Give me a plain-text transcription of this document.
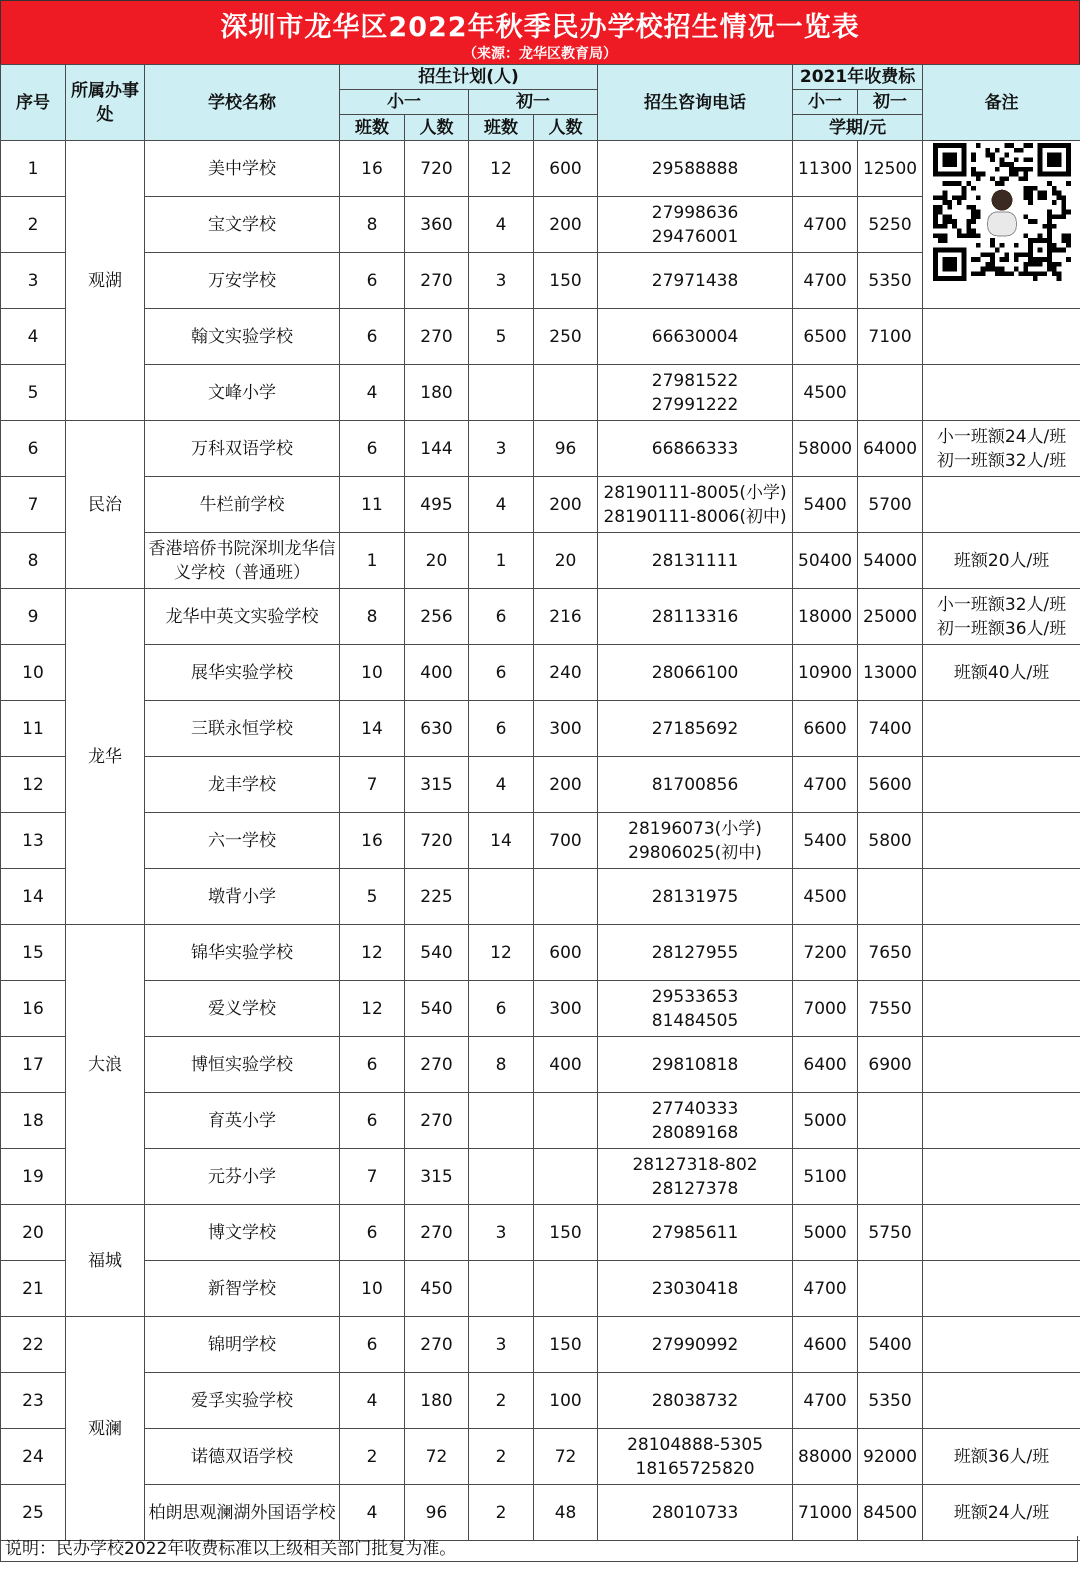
深圳市龙华区2022年秋季民办学校招生情况一览表
（来源：龙华区教育局）
序号	所属办事处	学校名称	招生计划(人)				招生咨询电话	2021年收费标		备注
			小一		初一			小一	初一	
			班数	人数	班数	人数		学期/元		
1	观湖	美中学校	16	720	12	600	29588888	11300	12500	

2		宝文学校	8	360	4	200	27998636
29476001	4700	5250	
3		万安学校	6	270	3	150	27971438	4700	5350	
4		翰文实验学校	6	270	5	250	66630004	6500	7100	
5		文峰小学	4	180			27981522
27991222	4500		
6	民治	万科双语学校	6	144	3	96	66866333	58000	64000	小一班额24人/班
初一班额32人/班

7		牛栏前学校	11	495	4	200	28190111-8005(小学)
28190111-8006(初中)	5400	5700	
8		香港培侨书院深圳龙华信义学校（普通班）	1	20	1	20	28131111	50400	54000	班额20人/班

9	龙华	龙华中英文实验学校	8	256	6	216	28113316	18000	25000	小一班额32人/班
初一班额36人/班

10		展华实验学校	10	400	6	240	28066100	10900	13000	班额40人/班

11		三联永恒学校	14	630	6	300	27185692	6600	7400	
12		龙丰学校	7	315	4	200	81700856	4700	5600	
13		六一学校	16	720	14	700	28196073(小学)
29806025(初中)	5400	5800	
14		墩背小学	5	225			28131975	4500		
15	大浪	锦华实验学校	12	540	12	600	28127955	7200	7650	
16		爱义学校	12	540	6	300	29533653
81484505	7000	7550	
17		博恒实验学校	6	270	8	400	29810818	6400	6900	
18		育英小学	6	270			27740333
28089168	5000		
19		元芬小学	7	315			28127318-802
28127378	5100		
20	福城	博文学校	6	270	3	150	27985611	5000	5750	
21		新智学校	10	450			23030418	4700		
22	观澜	锦明学校	6	270	3	150	27990992	4600	5400	
23		爱孚实验学校	4	180	2	100	28038732	4700	5350	
24		诺德双语学校	2	72	2	72	28104888-5305
18165725820	88000	92000	班额36人/班

25		柏朗思观澜湖外国语学校	4	96	2	48	28010733	71000	84500	班额24人/班
说明：民办学校2022年收费标准以上级相关部门批复为准。
